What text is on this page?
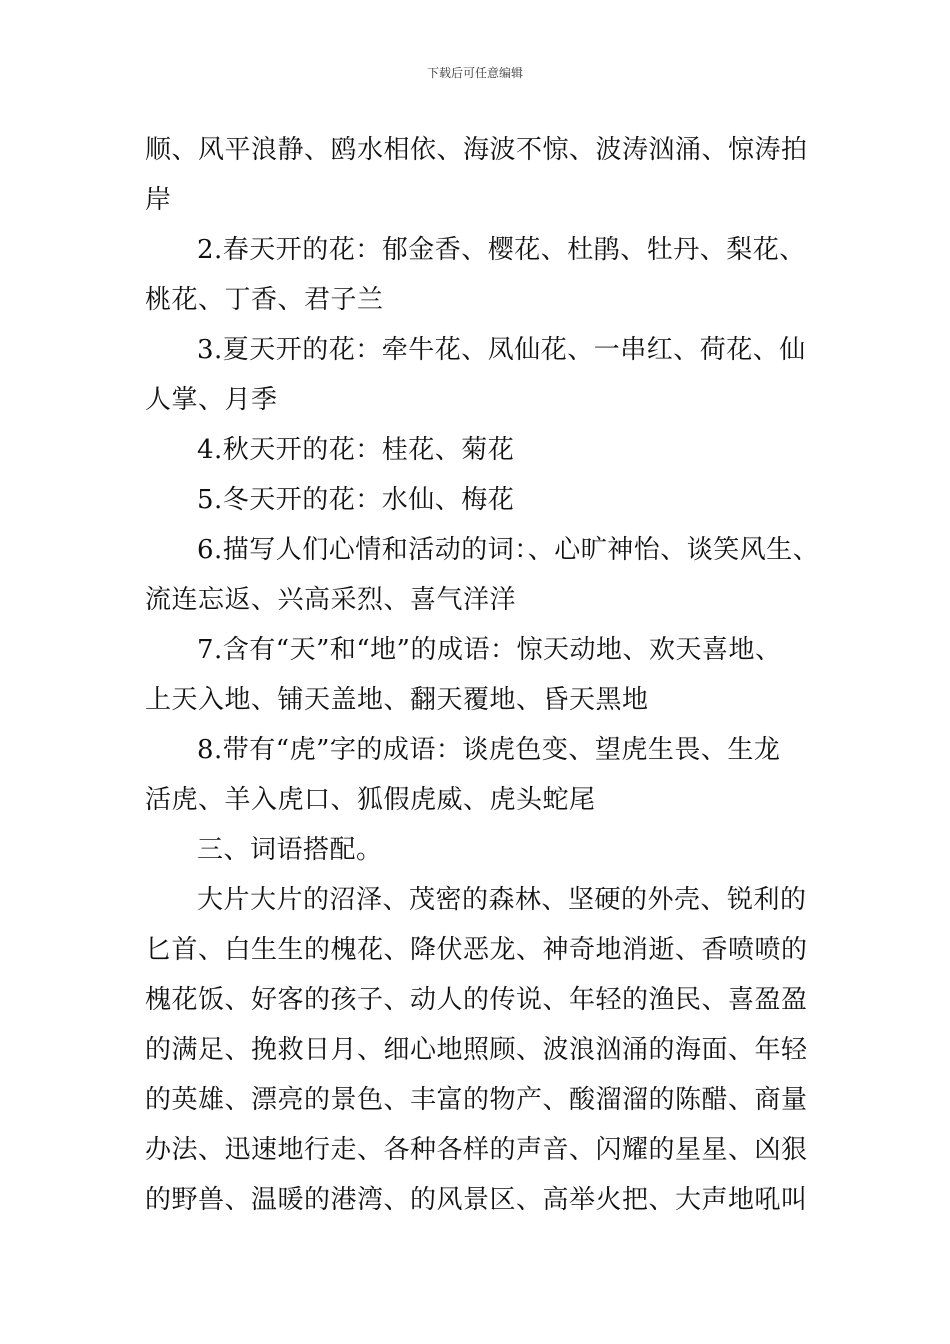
下载后可任意编辑
顺、风平浪静、鸥水相依、海波不惊、波涛汹涌、惊涛拍
岸
2.春天开的花：郁金香、樱花、杜鹃、牡丹、梨花、
桃花、丁香、君子兰
3.夏天开的花：牵牛花、凤仙花、一串红、荷花、仙
人掌、月季
4.秋天开的花：桂花、菊花
5.冬天开的花：水仙、梅花
6.描写人们心情和活动的词：、心旷神怡、谈笑风生、
流连忘返、兴高采烈、喜气洋洋
7.含有“天”和“地”的成语：惊天动地、欢天喜地、
上天入地、铺天盖地、翻天覆地、昏天黑地
8.带有“虎”字的成语：谈虎色变、望虎生畏、生龙
活虎、羊入虎口、狐假虎威、虎头蛇尾
三、词语搭配。
大片大片的沼泽、茂密的森林、坚硬的外壳、锐利的
匕首、白生生的槐花、降伏恶龙、神奇地消逝、香喷喷的
槐花饭、好客的孩子、动人的传说、年轻的渔民、喜盈盈
的满足、挽救日月、细心地照顾、波浪汹涌的海面、年轻
的英雄、漂亮的景色、丰富的物产、酸溜溜的陈醋、商量
办法、迅速地行走、各种各样的声音、闪耀的星星、凶狠
的野兽、温暖的港湾、的风景区、高举火把、大声地吼叫
